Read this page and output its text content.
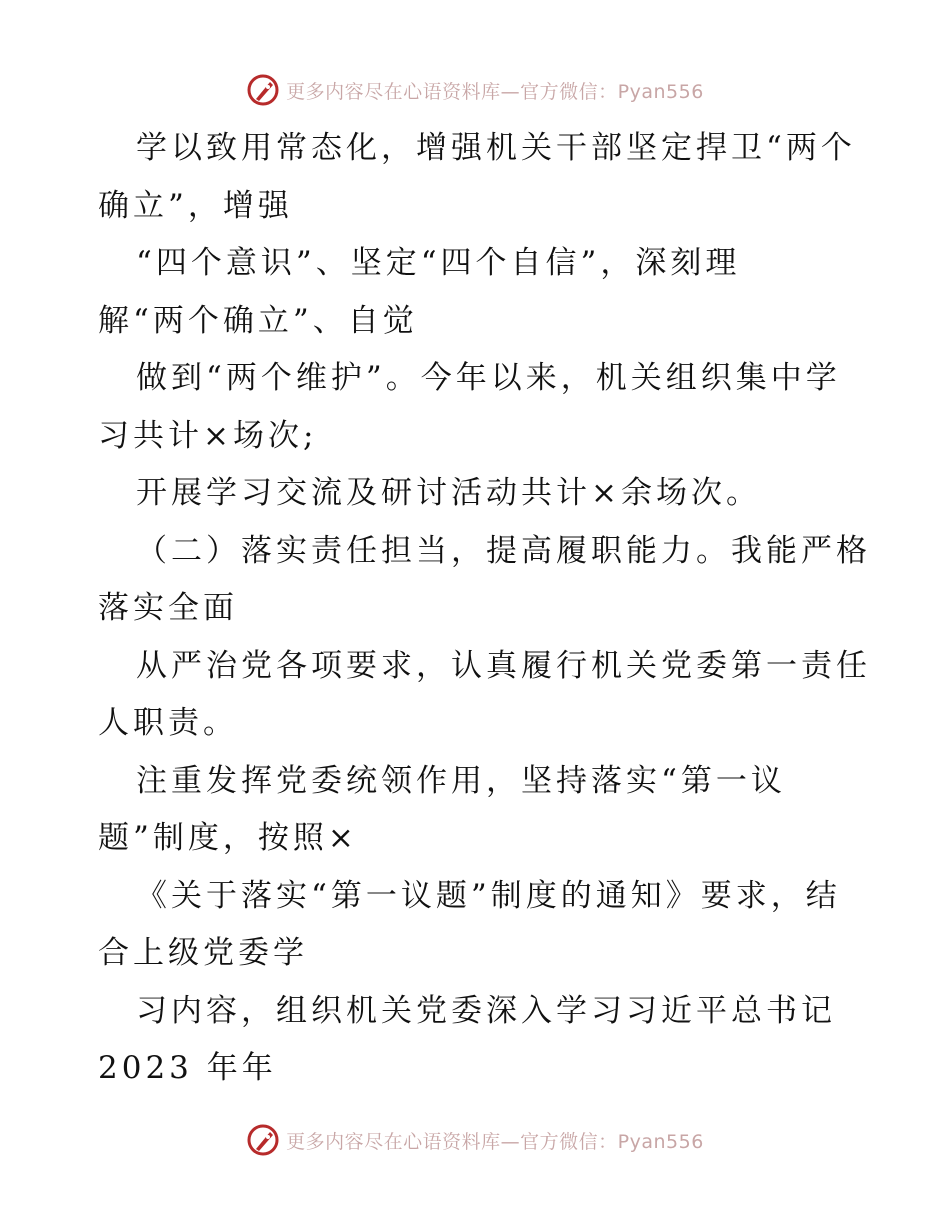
更多内容尽在心语资料库—官方微信：Pyan556
学以致用常态化，增强机关干部坚定捍卫“两个
确立”，增强
“四个意识”、坚定“四个自信”，深刻理
解“两个确立”、自觉
做到“两个维护”。今年以来，机关组织集中学
习共计×场次;
开展学习交流及研讨活动共计×余场次。
（二）落实责任担当，提高履职能力。我能严格
落实全面
从严治党各项要求，认真履行机关党委第一责任
人职责。
注重发挥党委统领作用，坚持落实“第一议
题”制度，按照×
《关于落实“第一议题”制度的通知》要求，结
合上级党委学
习内容，组织机关党委深入学习习近平总书记
2023 年年
更多内容尽在心语资料库—官方微信：Pyan556
